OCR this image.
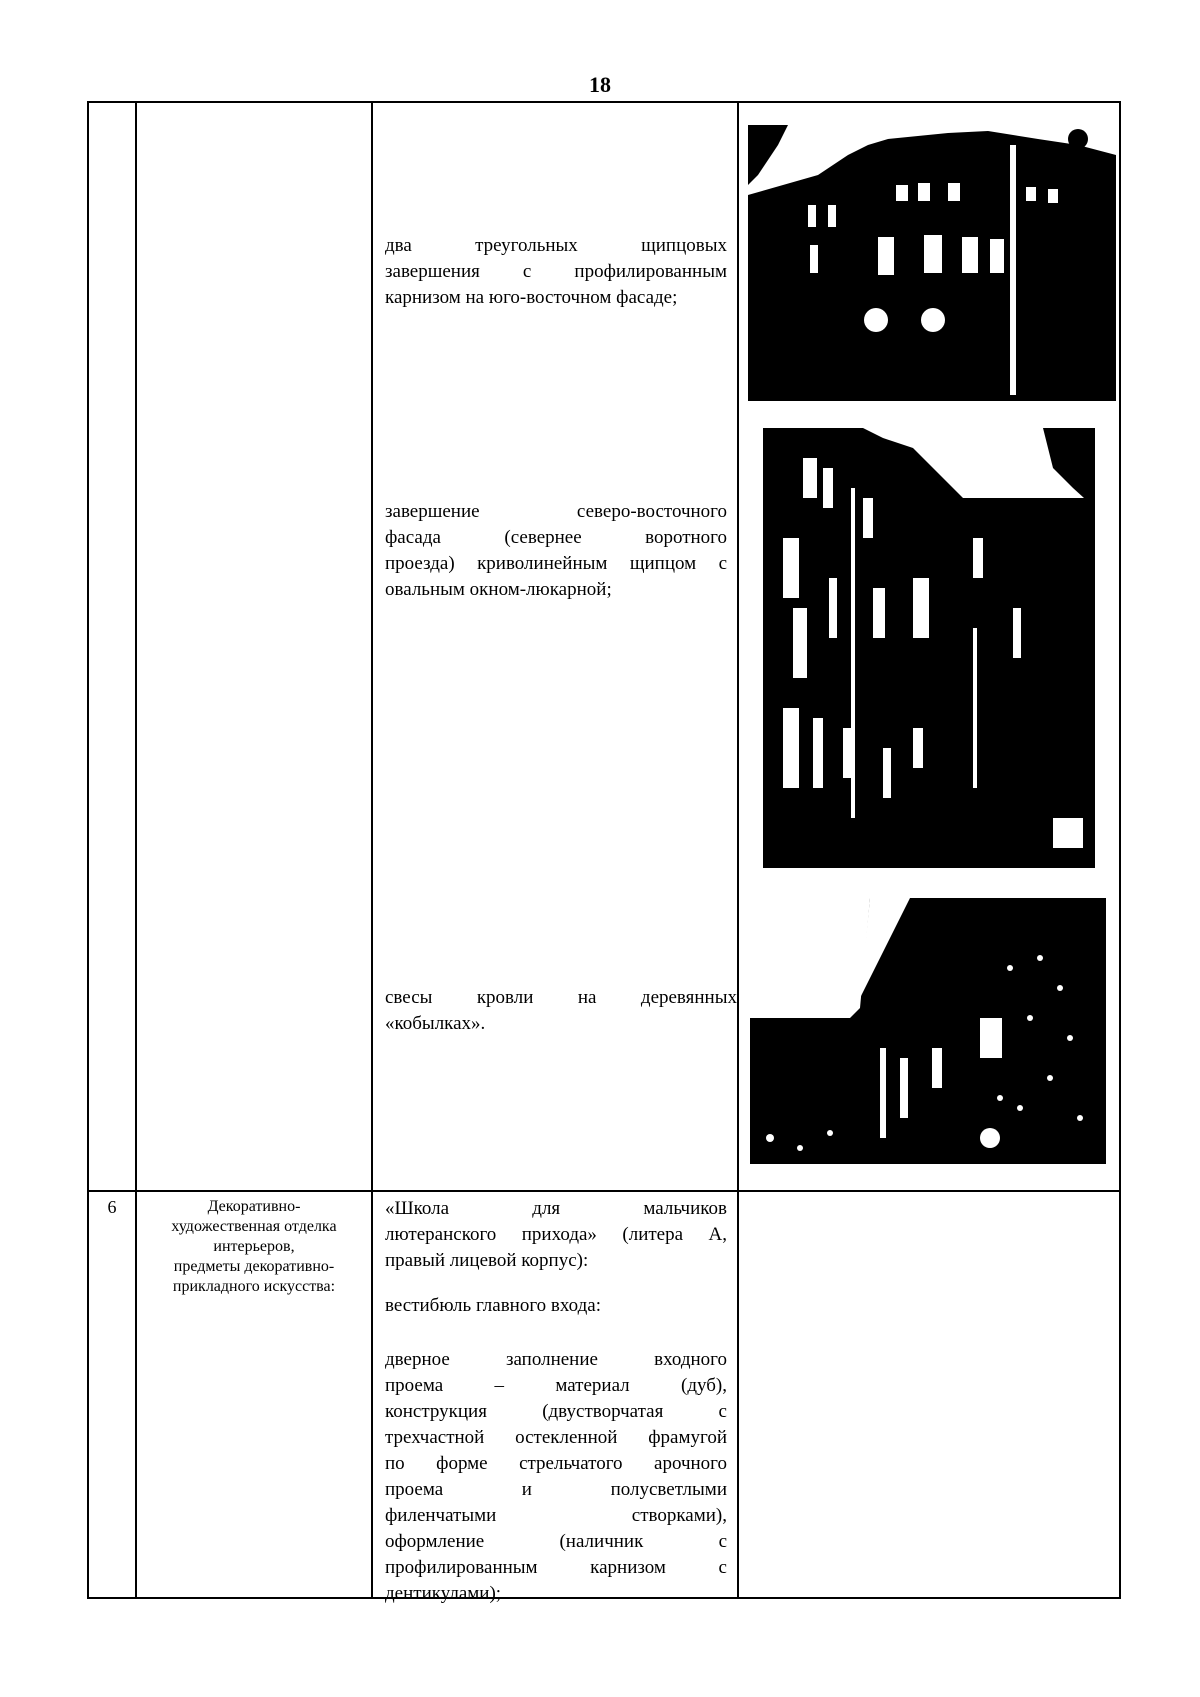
18
два треугольных щипцовых
завершения с профилированным
карнизом на юго-восточном фасаде;
завершение северо-восточного
фасада (севернее воротного
проезда) криволинейным щипцом с
овальным окном-люкарной;
свесы кровли на деревянных
«кобылках».
6	Декоративно-
художественная отделка
интерьеров,
предметы декоративно-
прикладного искусства:
«Школа для мальчиков
лютеранского прихода» (литера А,
правый лицевой корпус):
вестибюль главного входа:
дверное заполнение входного
проема – материал (дуб),
конструкция (двустворчатая с
трехчастной остекленной фрамугой
по форме стрельчатого арочного
проема и полусветлыми
филенчатыми створками),
оформление (наличник с
профилированным карнизом с
дентикулами);
